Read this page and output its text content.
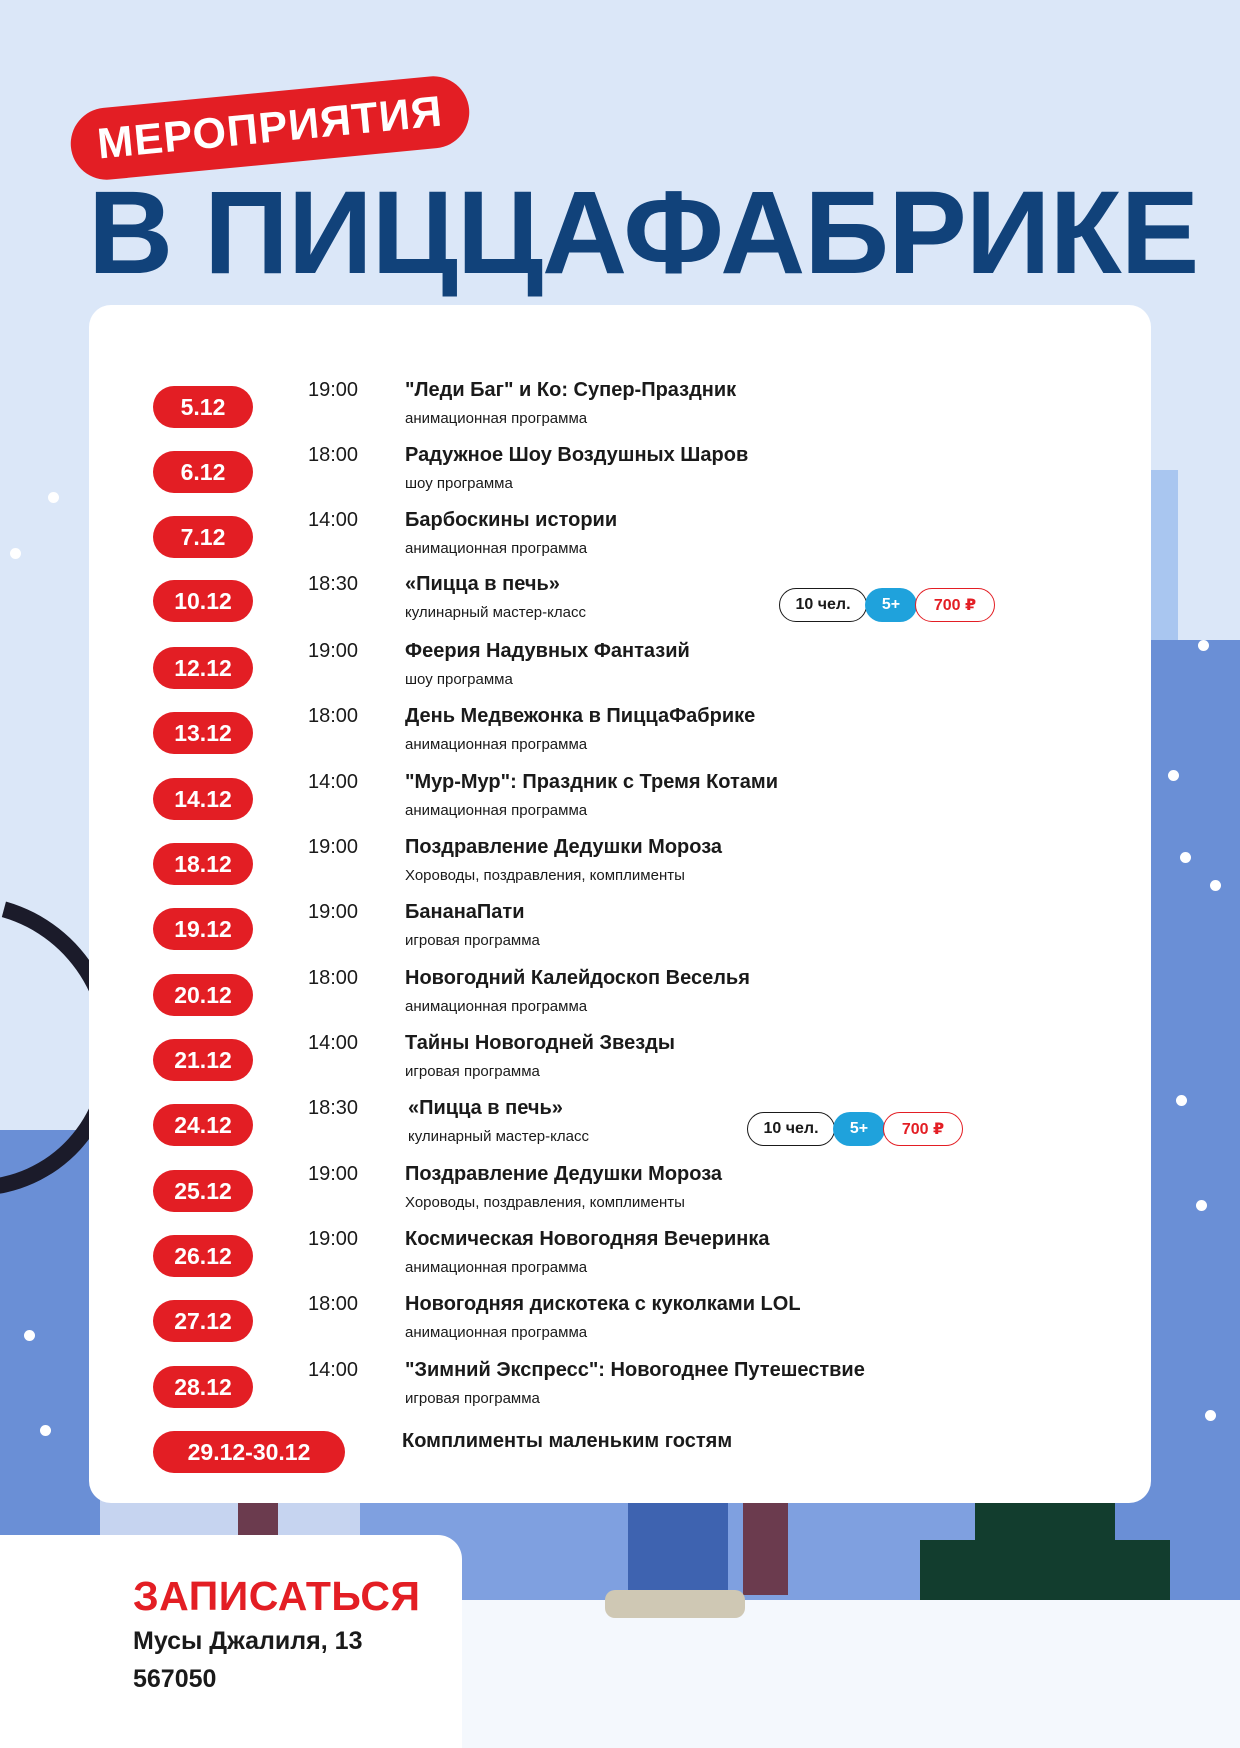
МЕРОПРИЯТИЯ
В ПИЦЦАФАБРИКЕ
5.12
19:00 "Леди Баг" и Ко: Супер-Праздник
анимационная программа
6.12
18:00 Радужное Шоу Воздушных Шаров
шоу программа
7.12
14:00 Барбоскины истории
анимационная программа
10.12
18:30 «Пицца в печь»
кулинарный мастер-класс	10 чел.	5+	700 ₽
12.12
19:00 Феерия Надувных Фантазий
шоу программа
13.12
18:00 День Медвежонка в ПиццаФабрике
анимационная программа
14.12
14:00 "Мур-Мур": Праздник с Тремя Котами
анимационная программа
18.12
19:00 Поздравление Дедушки Мороза
Хороводы, поздравления, комплименты
19.12
19:00 БананаПати
игровая программа
20.12
18:00 Новогодний Калейдоскоп Веселья
анимационная программа
21.12
14:00 Тайны Новогодней Звезды
игровая программа
24.12
18:30 «Пицца в печь»
кулинарный мастер-класс	10 чел.	5+	700 ₽
25.12
19:00 Поздравление Дедушки Мороза
Хороводы, поздравления, комплименты
26.12
19:00 Космическая Новогодняя Вечеринка
анимационная программа
27.12
18:00 Новогодняя дискотека с куколками LOL
анимационная программа
28.12
14:00 "Зимний Экспресс": Новогоднее Путешествие
игровая программа
29.12-30.12	Комплименты маленьким гостям
ЗАПИСАТЬСЯ
Мусы Джалиля, 13
567050
